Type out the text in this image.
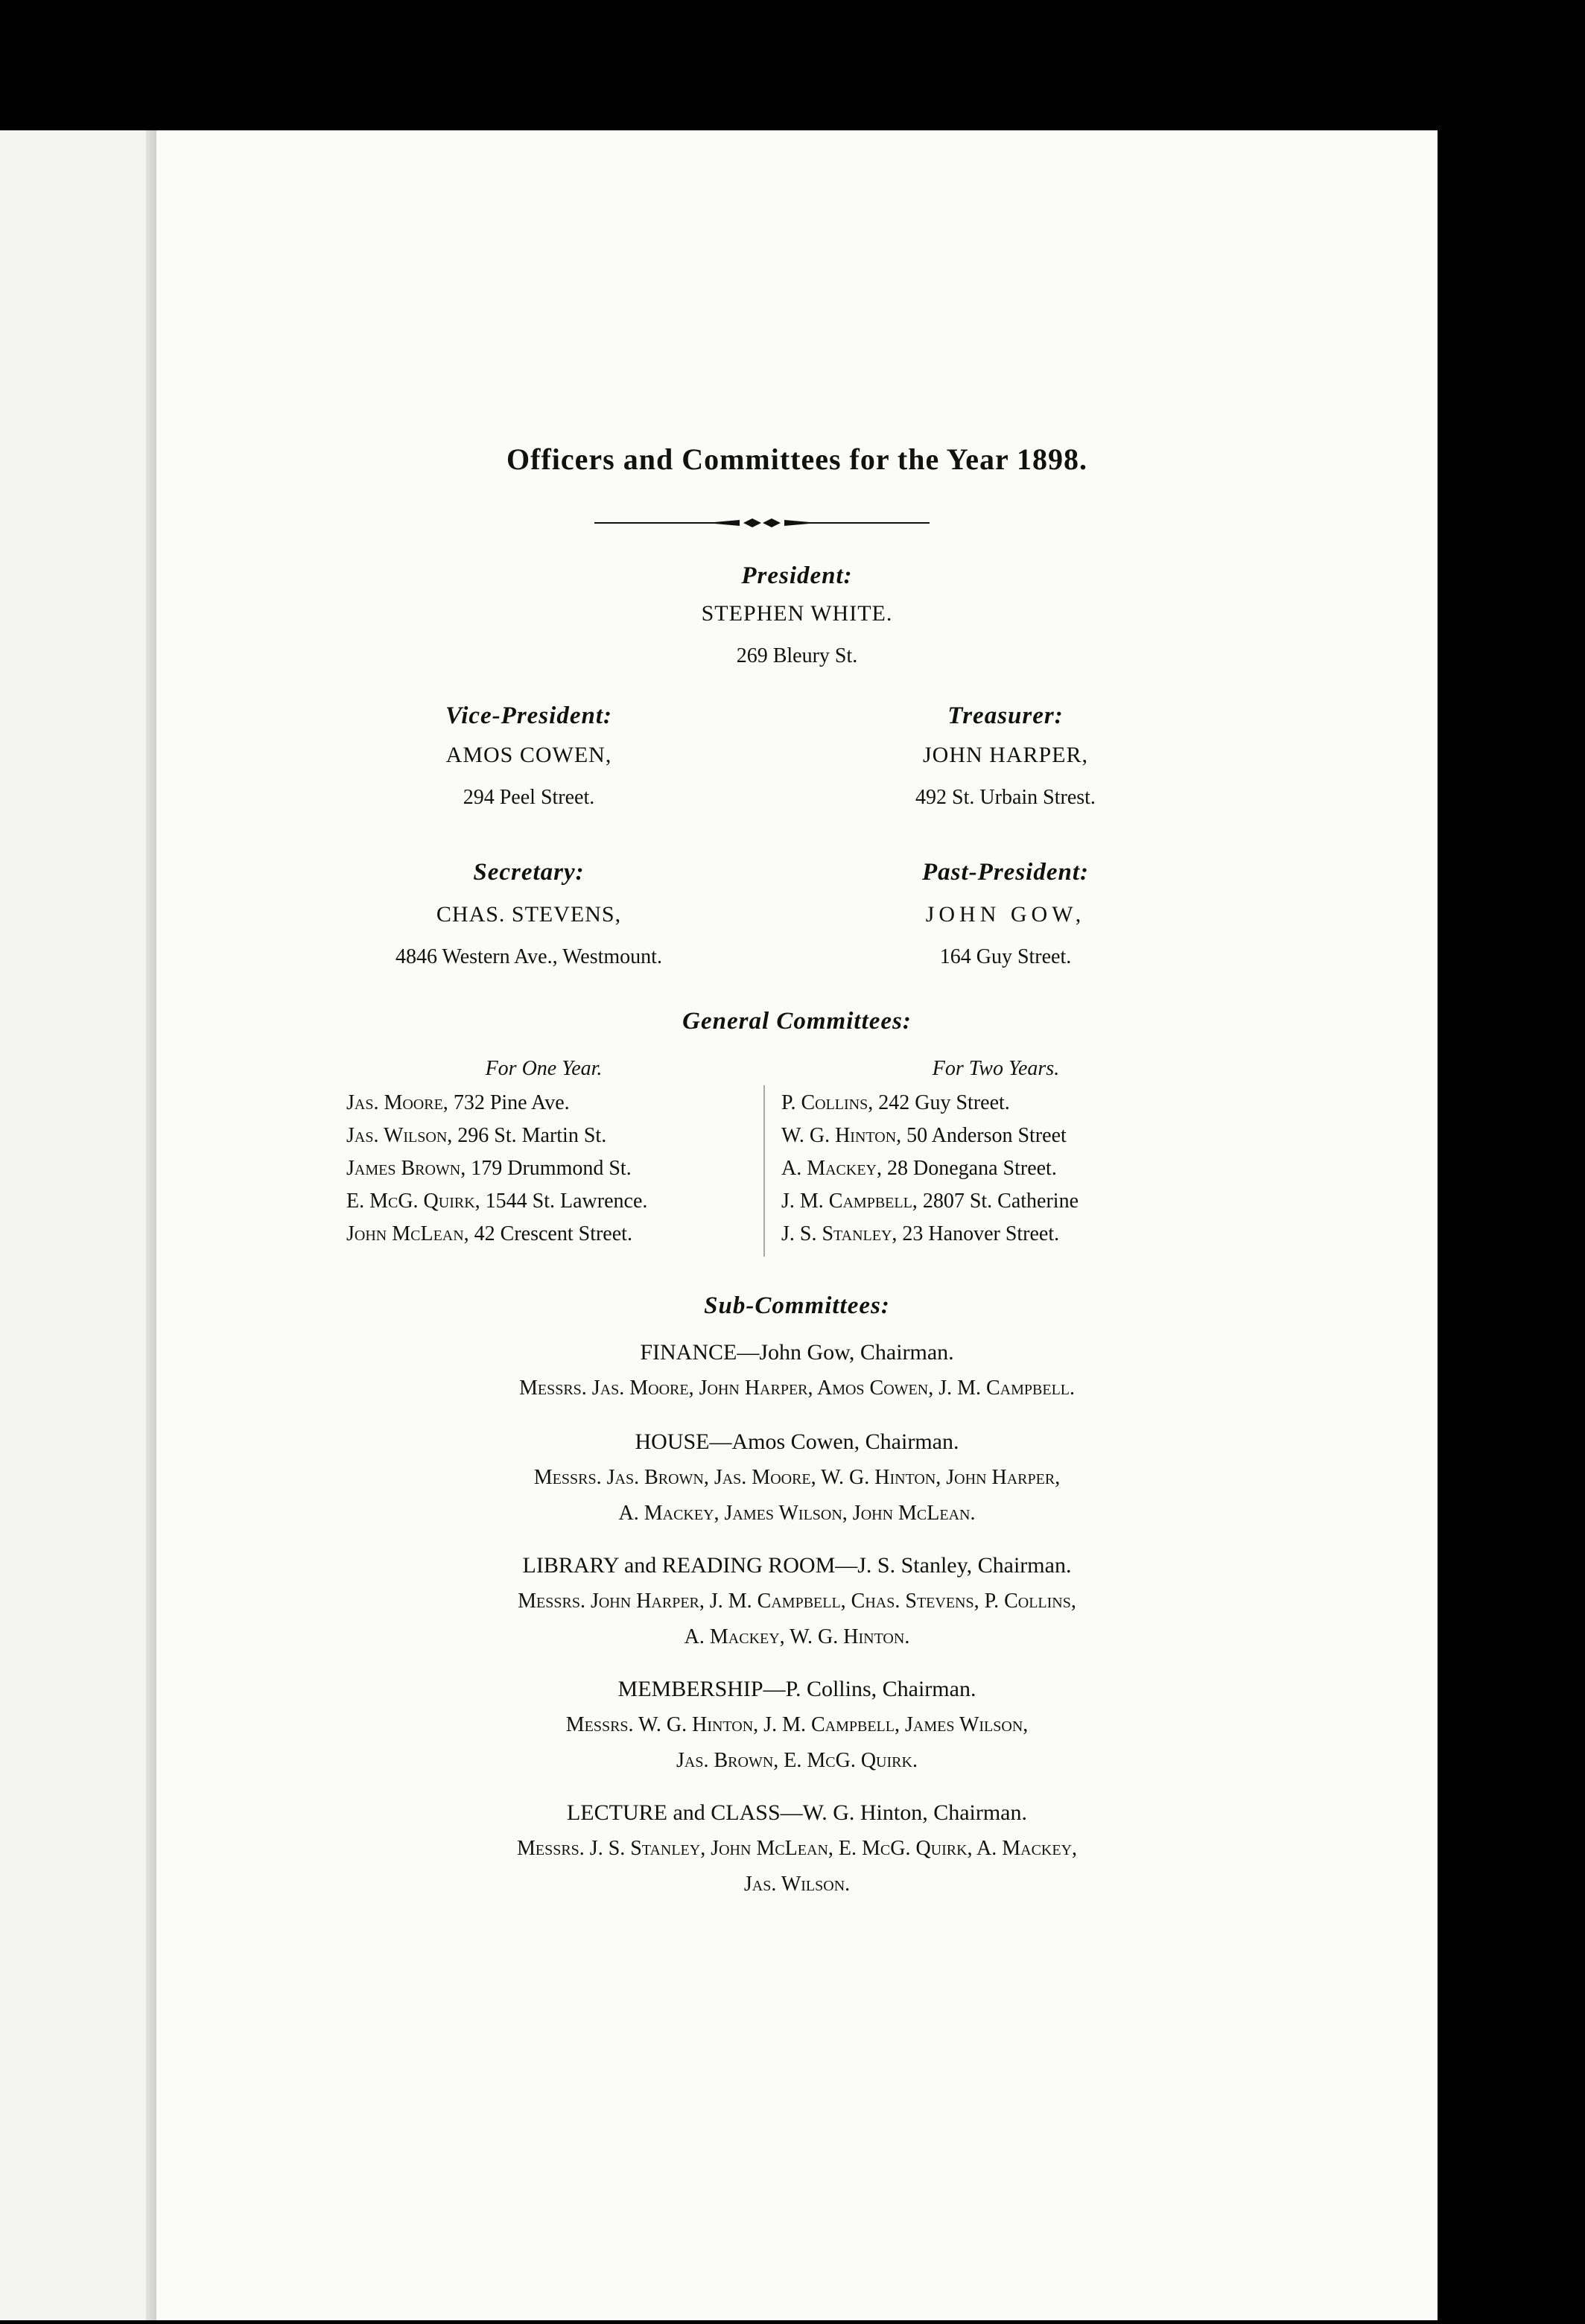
Officers and Committees for the Year 1898.
President:
STEPHEN WHITE.
269 Bleury St.
Vice-President:
AMOS COWEN,
294 Peel Street.
Treasurer:
JOHN HARPER,
492 St. Urbain Strest.
Secretary:
CHAS. STEVENS,
4846 Western Ave., Westmount.
Past-President:
JOHN GOW,
164 Guy Street.
General Committees:
For One Year.
Jas. Moore, 732 Pine Ave.
Jas. Wilson, 296 St. Martin St.
James Brown, 179 Drummond St.
E. McG. Quirk, 1544 St. Lawrence.
John McLean, 42 Crescent Street.
For Two Years.
P. Collins, 242 Guy Street.
W. G. Hinton, 50 Anderson Street
A. Mackey, 28 Donegana Street.
J. M. Campbell, 2807 St. Catherine
J. S. Stanley, 23 Hanover Street.
Sub-Committees:
FINANCE—John Gow, Chairman.
Messrs. Jas. Moore, John Harper, Amos Cowen, J. M. Campbell.
HOUSE—Amos Cowen, Chairman.
Messrs. Jas. Brown, Jas. Moore, W. G. Hinton, John Harper,
A. Mackey, James Wilson, John McLean.
LIBRARY and READING ROOM—J. S. Stanley, Chairman.
Messrs. John Harper, J. M. Campbell, Chas. Stevens, P. Collins,
A. Mackey, W. G. Hinton.
MEMBERSHIP—P. Collins, Chairman.
Messrs. W. G. Hinton, J. M. Campbell, James Wilson,
Jas. Brown, E. McG. Quirk.
LECTURE and CLASS—W. G. Hinton, Chairman.
Messrs. J. S. Stanley, John McLean, E. McG. Quirk, A. Mackey,
Jas. Wilson.
